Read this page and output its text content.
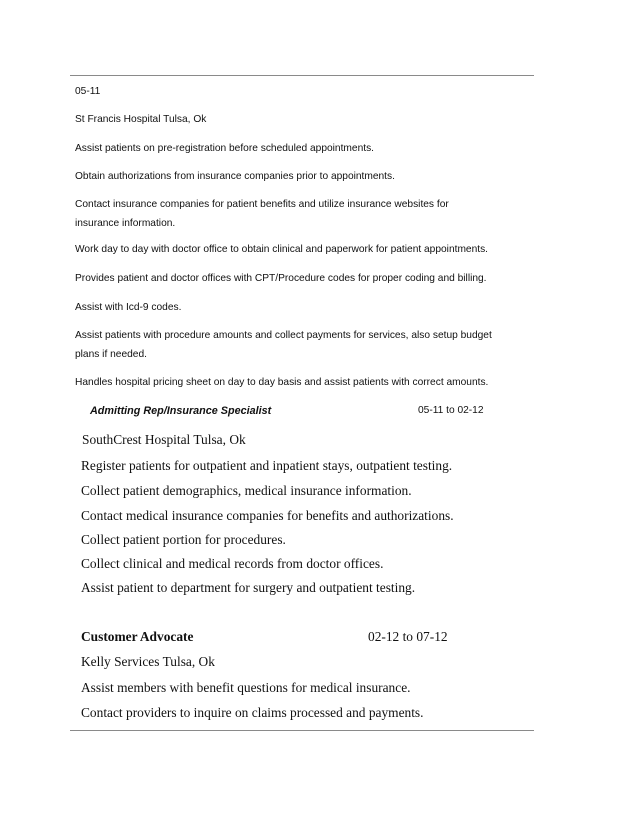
05-11
St Francis Hospital Tulsa, Ok
Assist patients on pre-registration before scheduled appointments.
Obtain authorizations from insurance companies prior to appointments.
Contact insurance companies for patient benefits and utilize insurance websites for
insurance information.
Work day to day with doctor office to obtain clinical and paperwork for patient appointments.
Provides patient and doctor offices with CPT/Procedure codes for proper coding and billing.
Assist with Icd-9 codes.
Assist patients with procedure amounts and collect payments for services, also setup budget
plans if needed.
Handles hospital pricing sheet on day to day basis and assist patients with correct amounts.
Admitting Rep/Insurance Specialist	05-11 to 02-12
SouthCrest Hospital Tulsa, Ok
Register patients for outpatient and inpatient stays, outpatient testing.
Collect patient demographics, medical insurance information.
Contact medical insurance companies for benefits and authorizations.
Collect patient portion for procedures.
Collect clinical and medical records from doctor offices.
Assist patient to department for surgery and outpatient testing.
Customer Advocate	02-12 to 07-12
Kelly Services Tulsa, Ok
Assist members with benefit questions for medical insurance.
Contact providers to inquire on claims processed and payments.
